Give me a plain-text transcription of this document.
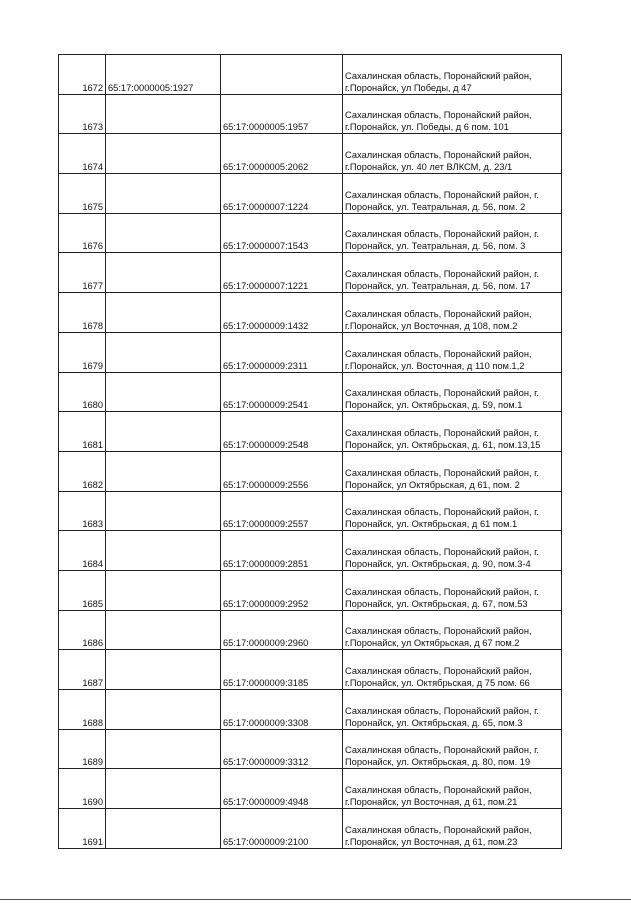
1672	65:17:0000005:1927		Сахалинская область, Поронайский район,
г.Поронайск, ул Победы, д 47

1673		65:17:0000005:1957	Сахалинская область, Поронайский район,
г.Поронайск, ул. Победы, д 6 пом. 101

1674		65:17:0000005:2062	Сахалинская область, Поронайский район,
г.Поронайск, ул. 40 лет ВЛКСМ, д. 23/1

1675		65:17:0000007:1224	Сахалинская область, Поронайский район, г.
Поронайск, ул. Театральная, д. 56, пом. 2

1676		65:17:0000007:1543	Сахалинская область, Поронайский район, г.
Поронайск, ул. Театральная, д. 56, пом. 3

1677		65:17:0000007:1221	Сахалинская область, Поронайский район, г.
Поронайск, ул. Театральная, д. 56, пом. 17

1678		65:17:0000009:1432	Сахалинская область, Поронайский район,
г.Поронайск, ул Восточная, д 108, пом.2

1679		65:17:0000009:2311	Сахалинская область, Поронайский район,
г.Поронайск, ул. Восточная, д 110 пом.1,2

1680		65:17:0000009:2541	Сахалинская область, Поронайский район, г.
Поронайск, ул. Октябрьская, д. 59, пом.1

1681		65:17:0000009:2548	Сахалинская область, Поронайский район, г.
Поронайск, ул. Октябрьская, д. 61, пом.13,15

1682		65:17:0000009:2556	Сахалинская область, Поронайский район, г.
Поронайск, ул Октябрьская, д 61, пом. 2

1683		65:17:0000009:2557	Сахалинская область, Поронайский район, г.
Поронайск, ул. Октябрьская, д 61 пом.1

1684		65:17:0000009:2851	Сахалинская область, Поронайский район, г.
Поронайск, ул. Октябрьская, д. 90, пом.3-4

1685		65:17:0000009:2952	Сахалинская область, Поронайский район, г.
Поронайск, ул. Октябрьская, д. 67, пом.53

1686		65:17:0000009:2960	Сахалинская область, Поронайский район,
г.Поронайск, ул Октябрьская, д 67 пом.2

1687		65:17:0000009:3185	Сахалинская область, Поронайский район,
г.Поронайск, ул. Октябрьская, д 75 пом. 66

1688		65:17:0000009:3308	Сахалинская область, Поронайский район, г.
Поронайск, ул. Октябрьская, д. 65, пом.3

1689		65:17:0000009:3312	Сахалинская область, Поронайский район, г.
Поронайск, ул. Октябрьская, д. 80, пом. 19

1690		65:17:0000009:4948	Сахалинская область, Поронайский район,
г.Поронайск, ул Восточная, д 61, пом.21

1691		65:17:0000009:2100	Сахалинская область, Поронайский район,
г.Поронайск, ул Восточная, д 61, пом.23
